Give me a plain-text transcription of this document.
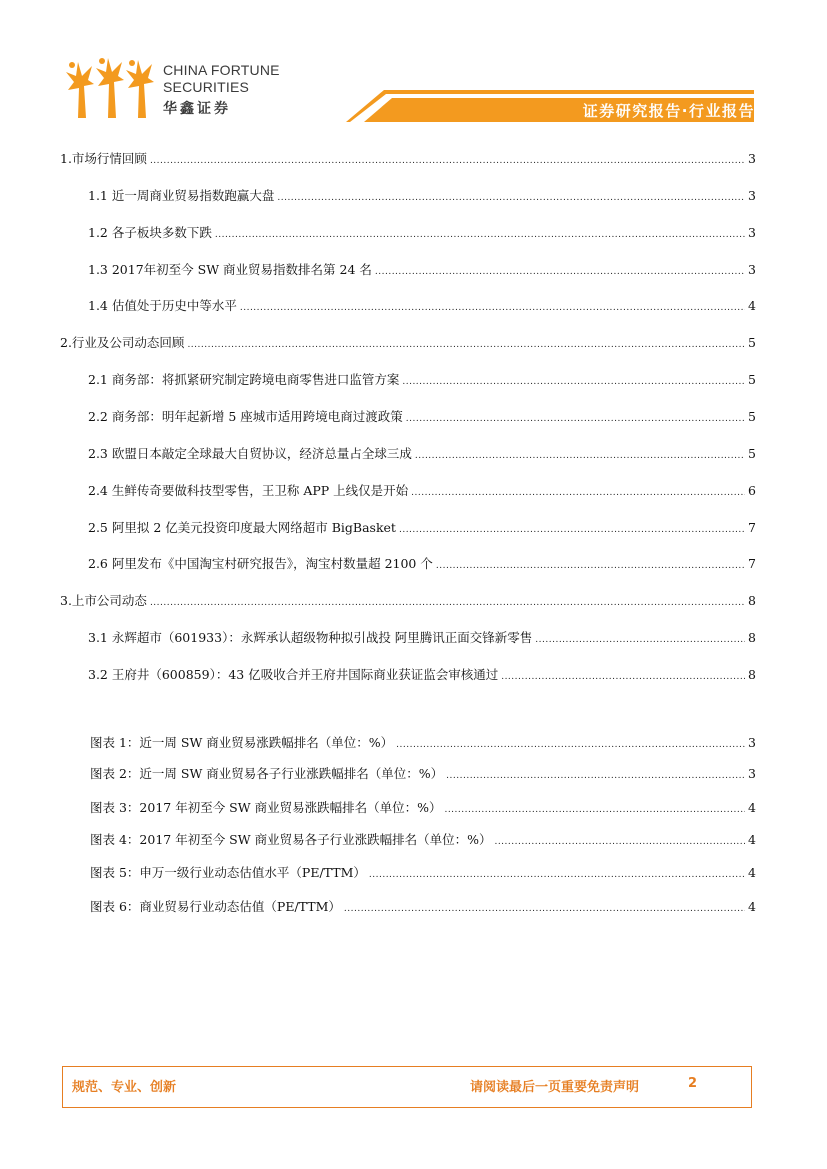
CHINA FORTUNE
SECURITIES
华鑫证券	证券研究报告·行业报告
1.市场行情回顾 .....	3
1.1 近一周商业贸易指数跑赢大盘 .....	3
1.2 各子板块多数下跌 .....	3
1.3 2017年初至今 SW 商业贸易指数排名第 24 名 .....	3
1.4 估值处于历史中等水平 .....	4
2.行业及公司动态回顾 .....	5
2.1 商务部：将抓紧研究制定跨境电商零售进口监管方案 .....	5
2.2 商务部：明年起新增 5 座城市适用跨境电商过渡政策 .....	5
2.3 欧盟日本敲定全球最大自贸协议，经济总量占全球三成 .....	5
2.4 生鲜传奇要做科技型零售，王卫称 APP 上线仅是开始 .....	6
2.5 阿里拟 2 亿美元投资印度最大网络超市 BigBasket .....	7
2.6 阿里发布《中国淘宝村研究报告》，淘宝村数量超 2100 个 .....	7
3.上市公司动态 .....	8
3.1 永辉超市（601933）：永辉承认超级物种拟引战投 阿里腾讯正面交锋新零售 .....	8
3.2 王府井（600859）：43 亿吸收合并王府井国际商业获证监会审核通过 .....	8
图表 1：近一周 SW 商业贸易涨跌幅排名（单位：%） .....	3
图表 2：近一周 SW 商业贸易各子行业涨跌幅排名（单位：%） .....	3
图表 3：2017 年初至今 SW 商业贸易涨跌幅排名（单位：%） .....	4
图表 4：2017 年初至今 SW 商业贸易各子行业涨跌幅排名（单位：%） .....	4
图表 5：申万一级行业动态估值水平（PE/TTM） .....	4
图表 6：商业贸易行业动态估值（PE/TTM） .....	4
规范、专业、创新	请阅读最后一页重要免责声明	2
